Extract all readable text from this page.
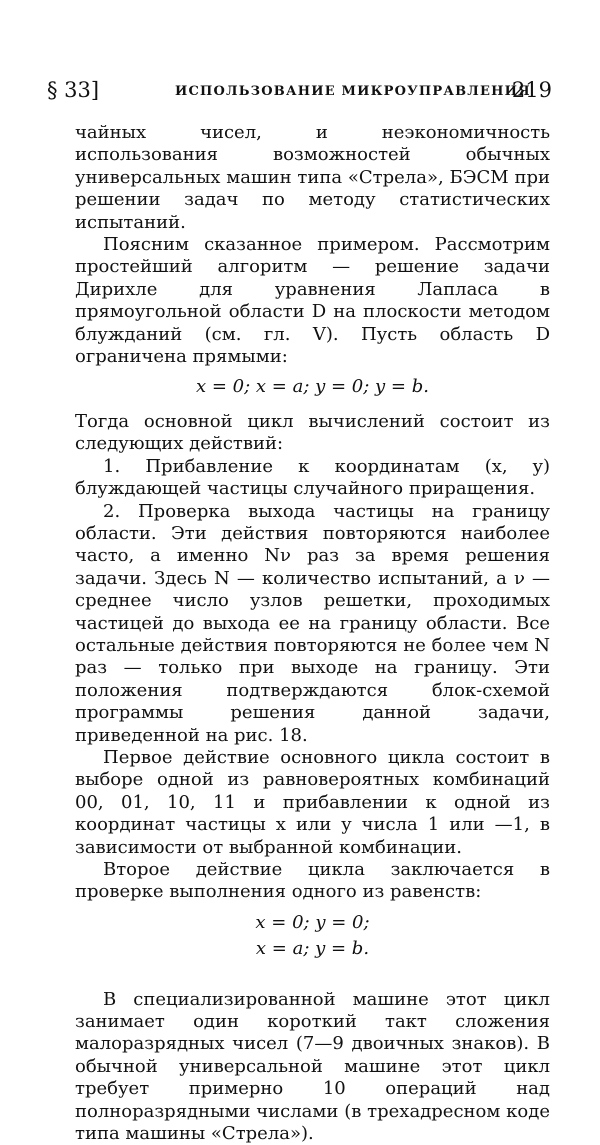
§ 33]	ИСПОЛЬЗОВАНИЕ МИКРОУПРАВЛЕНИЯ
219

чайных чисел, и неэкономичность использования возможностей обычных универсальных машин типа «Стрела», БЭСМ при решении задач по методу статистических испытаний.

Поясним сказанное примером. Рассмотрим простейший алгоритм — решение задачи Дирихле для уравнения Лапласа в прямоугольной области D на плоскости методом блужданий (см. гл. V). Пусть область D ограничена прямыми:

x = 0; x = a; y = 0; y = b.

Тогда основной цикл вычислений состоит из следующих действий:

1. Прибавление к координатам (x, y) блуждающей частицы случайного приращения.

2. Проверка выхода частицы на границу области. Эти действия повторяются наиболее часто, а именно Nν раз за время решения задачи. Здесь N — количество испытаний, а ν — среднее число узлов решетки, проходимых частицей до выхода ее на границу области. Все остальные действия повторяются не более чем N раз — только при выходе на границу. Эти положения подтверждаются блок-схемой программы решения данной задачи, приведенной на рис. 18.

Первое действие основного цикла состоит в выборе одной из равновероятных комбинаций 00, 01, 10, 11 и прибавлении к одной из координат частицы x или y числа 1 или —1, в зависимости от выбранной комбинации.

Второе действие цикла заключается в проверке выполнения одного из равенств:

x = 0; y = 0;
x = a; y = b.

В специализированной машине этот цикл занимает один короткий такт сложения малоразрядных чисел (7—9 двоичных знаков). В обычной универсальной машине этот цикл требует примерно 10 операций над полноразрядными числами (в трехадресном коде типа машины «Стрела»).
